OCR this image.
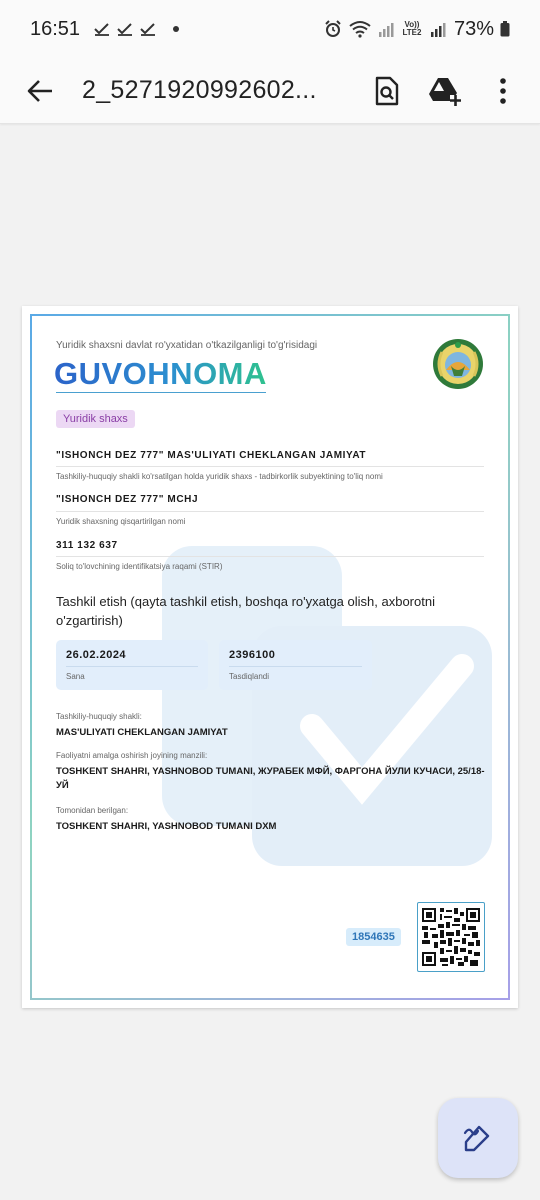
16:51	Vo)) LTE2 73%
2_5271920992602...
Yuridik shaxsni davlat ro'yxatidan o'tkazilganligi to'g'risidagi
GUVOHNOMA
Yuridik shaxs
"ISHONCH DEZ 777" MAS'ULIYATI CHEKLANGAN JAMIYAT
Tashkiliy-huquqiy shakli ko'rsatilgan holda yuridik shaxs - tadbirkorlik subyektining to'liq nomi
"ISHONCH DEZ 777" MCHJ
Yuridik shaxsning qisqartirilgan nomi
311 132 637
Soliq to'lovchining identifikatsiya raqami (STIR)
Tashkil etish (qayta tashkil etish, boshqa ro'yxatga olish, axborotni o'zgartirish)
26.02.2024
Sana
2396100
Tasdiqlandi
Tashkiliy-huquqiy shakli:
MAS'ULIYATI CHEKLANGAN JAMIYAT
Faoliyatni amalga oshirish joyining manzili:
TOSHKENT SHAHRI, YASHNOBOD TUMANI, ЖУРАБЕК МФЙ, ФАРГОНА ЙУЛИ КУЧАСИ, 25/18-УЙ
Tomonidan berilgan:
TOSHKENT SHAHRI, YASHNOBOD TUMANI DXM
1854635
